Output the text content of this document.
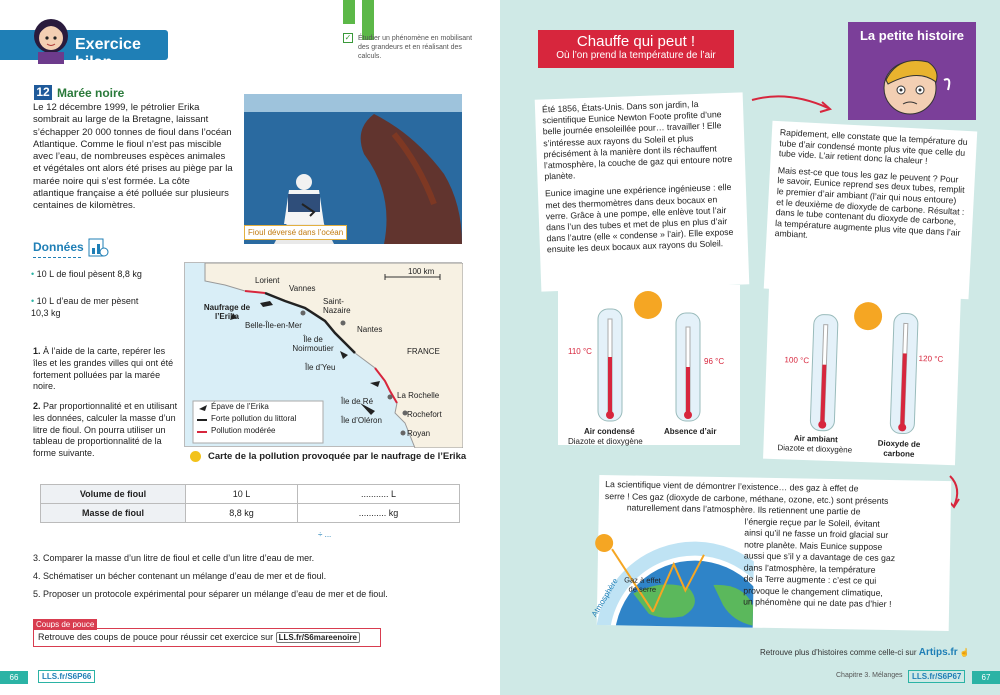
Exercice bilan
✓ Étudier un phénomène en mobilisant des grandeurs et en réalisant des calculs.
12 Marée noire
Le 12 décembre 1999, le pétrolier Erika sombrait au large de la Bretagne, laissant s’échapper 20 000 tonnes de fioul dans l’océan Atlantique. Comme le fioul n’est pas miscible avec l’eau, de nombreuses espèces animales et végétales ont alors été prises au piège par la marée noire qui s’est formée. La côte atlantique française a été polluée sur plusieurs centaines de kilomètres.
Fioul déversé dans l’océan
Données
• 10 L de fioul pèsent 8,8 kg
• 10 L d’eau de mer pèsent 10,3 kg
100 km
Lorient
Vannes
Saint-Nazaire
Nantes
Naufrage de l’Erika
Belle-Île-en-Mer
Île de Noirmoutier
Île d’Yeu
FRANCE
Île de Ré
La Rochelle
Rochefort
Île d’Oléron
Royan
Épave de l’Erika
Forte pollution du littoral
Pollution modérée
Carte de la pollution provoquée par le naufrage de l’Erika
1. À l’aide de la carte, repérer les îles et les grandes villes qui ont été fortement polluées par la marée noire.
2. Par proportionnalité et en utilisant les données, calculer la masse d’un litre de fioul. On pourra utiliser un tableau de proportionnalité de la forme suivante.
Volume de fioul	10 L	........... L
Masse de fioul	8,8 kg	........... kg
÷ ...
3. Comparer la masse d’un litre de fioul et celle d’un litre d’eau de mer.
4. Schématiser un bécher contenant un mélange d’eau de mer et de fioul.
5. Proposer un protocole expérimental pour séparer un mélange d’eau de mer et de fioul.
Coups de pouce
Retrouve des coups de pouce pour réussir cet exercice sur LLS.fr/S6mareenoire
66	LLS.fr/S6P66
Chauffe qui peut !
Où l’on prend la température de l’air
La petite histoire

Été 1856, États-Unis. Dans son jardin, la scientifique Eunice Newton Foote profite d’une belle journée ensoleillée pour… travailler ! Elle s’intéresse aux rayons du Soleil et plus précisément à la manière dont ils réchauffent l’atmosphère, la couche de gaz qui entoure notre planète.

Eunice imagine une expérience ingénieuse : elle met des thermomètres dans deux bocaux en verre. Grâce à une pompe, elle enlève tout l’air dans l’un des tubes et met de plus en plus d’air dans l’autre (elle « condense » l’air). Elle expose ensuite les deux bocaux aux rayons du Soleil.

Rapidement, elle constate que la température du tube d’air condensé monte plus vite que celle du tube vide. L’air retient donc la chaleur !

Mais est-ce que tous les gaz le peuvent ? Pour le savoir, Eunice reprend ses deux tubes, remplit le premier d’air ambiant (l’air qui nous entoure) et le deuxième de dioxyde de carbone. Résultat : dans le tube contenant du dioxyde de carbone, la température augmente plus vite que dans l’air ambiant.

110 °C
96 °C
Air condensé
Diazote et dioxygène
Absence d’air
100 °C	120 °C
Air ambiant
Diazote et dioxygène	Dioxyde de
carbone
La scientifique vient de démontrer l’existence… des gaz à effet de
serre ! Ces gaz (dioxyde de carbone, méthane, ozone, etc.) sont présents
naturellement dans l’atmosphère. Ils retiennent une partie de
l’énergie reçue par le Soleil, évitant
ainsi qu’il ne fasse un froid glacial sur
notre planète. Mais Eunice suppose
aussi que s’il y a davantage de ces gaz
dans l’atmosphère, la température
de la Terre augmente : c’est ce qui
provoque le changement climatique,
un phénomène qui ne date pas d’hier !
Gaz à effet de serre
Atmosphère
Retrouve plus d’histoires comme celle-ci sur Artips.fr ☝
Chapitre 3. Mélanges	LLS.fr/S6P67	67
